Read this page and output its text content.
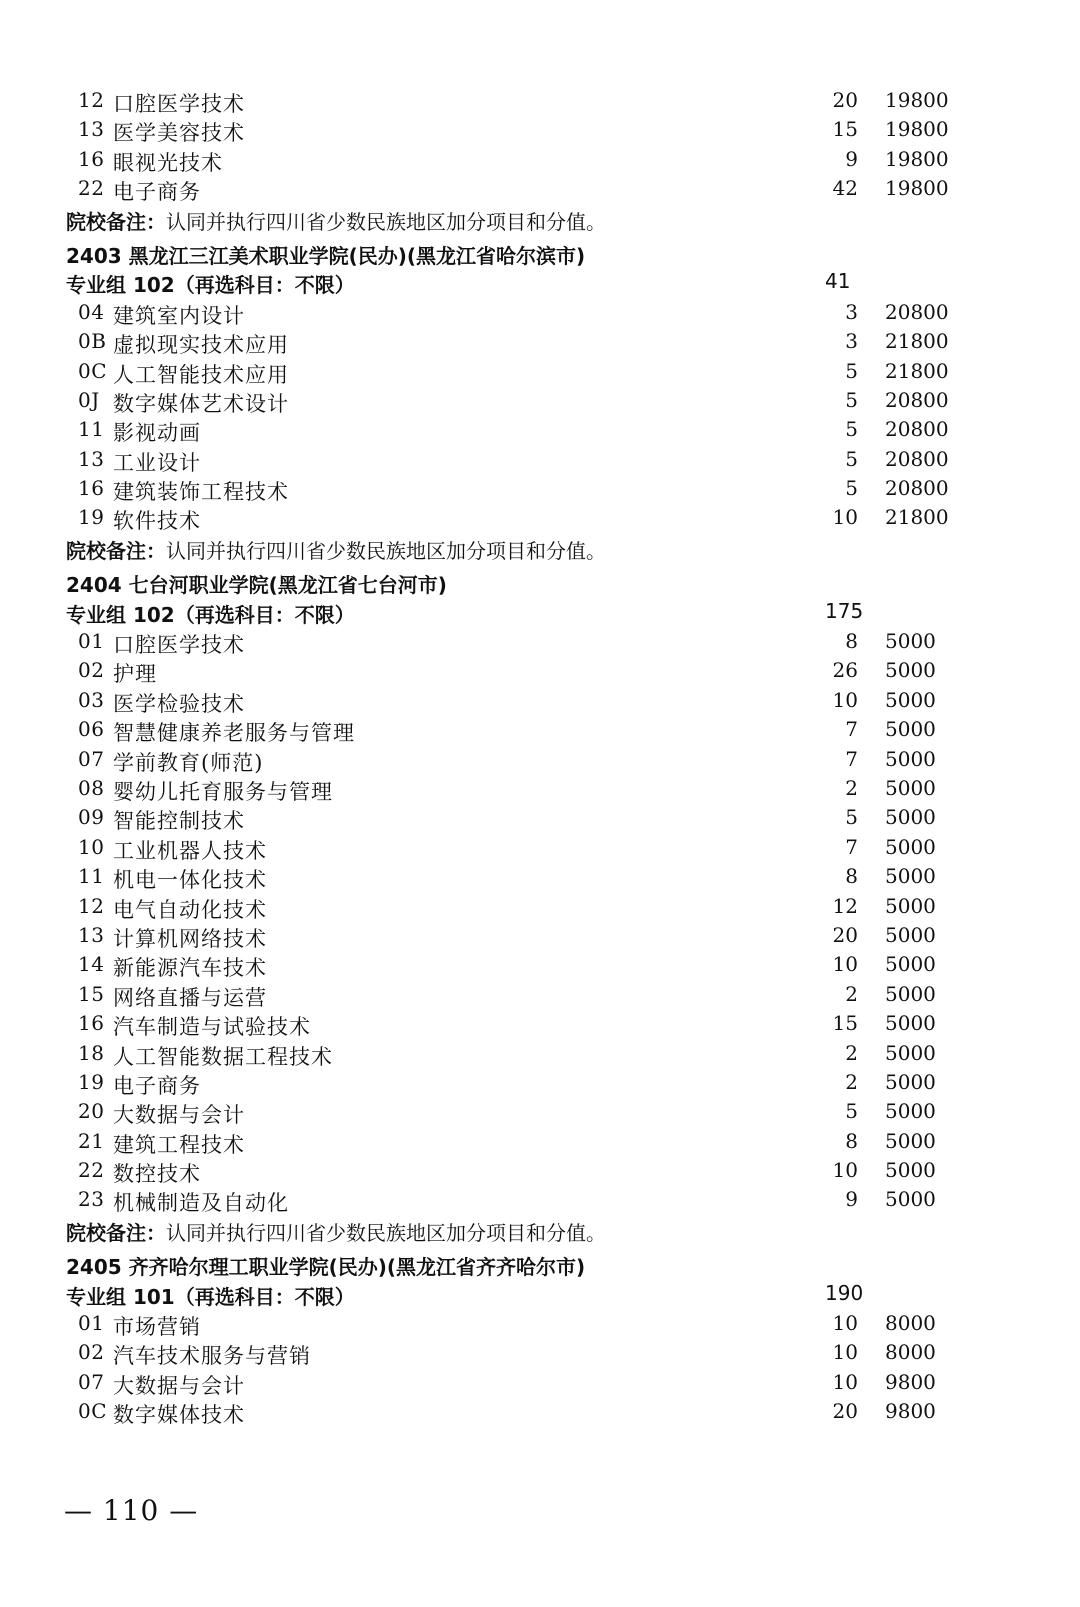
12 口腔医学技术	20 19800
13 医学美容技术	15 19800
16 眼视光技术	9 19800
22 电子商务	42 19800
院校备注：认同并执行四川省少数民族地区加分项目和分值。
2403 黑龙江三江美术职业学院(民办)(黑龙江省哈尔滨市)
专业组 102（再选科目：不限）	41
04 建筑室内设计	3 20800
0B 虚拟现实技术应用	3 21800
0C 人工智能技术应用	5 21800
0J 数字媒体艺术设计	5 20800
11 影视动画	5 20800
13 工业设计	5 20800
16 建筑装饰工程技术	5 20800
19 软件技术	10 21800
院校备注：认同并执行四川省少数民族地区加分项目和分值。
2404 七台河职业学院(黑龙江省七台河市)
专业组 102（再选科目：不限）	175
01 口腔医学技术	8 5000
02 护理	26 5000
03 医学检验技术	10 5000
06 智慧健康养老服务与管理	7 5000
07 学前教育(师范)	7 5000
08 婴幼儿托育服务与管理	2 5000
09 智能控制技术	5 5000
10 工业机器人技术	7 5000
11 机电一体化技术	8 5000
12 电气自动化技术	12 5000
13 计算机网络技术	20 5000
14 新能源汽车技术	10 5000
15 网络直播与运营	2 5000
16 汽车制造与试验技术	15 5000
18 人工智能数据工程技术	2 5000
19 电子商务	2 5000
20 大数据与会计	5 5000
21 建筑工程技术	8 5000
22 数控技术	10 5000
23 机械制造及自动化	9 5000
院校备注：认同并执行四川省少数民族地区加分项目和分值。
2405 齐齐哈尔理工职业学院(民办)(黑龙江省齐齐哈尔市)
专业组 101（再选科目：不限）	190
01 市场营销	10 8000
02 汽车技术服务与营销	10 8000
07 大数据与会计	10 9800
0C 数字媒体技术	20 9800
— 110 —
